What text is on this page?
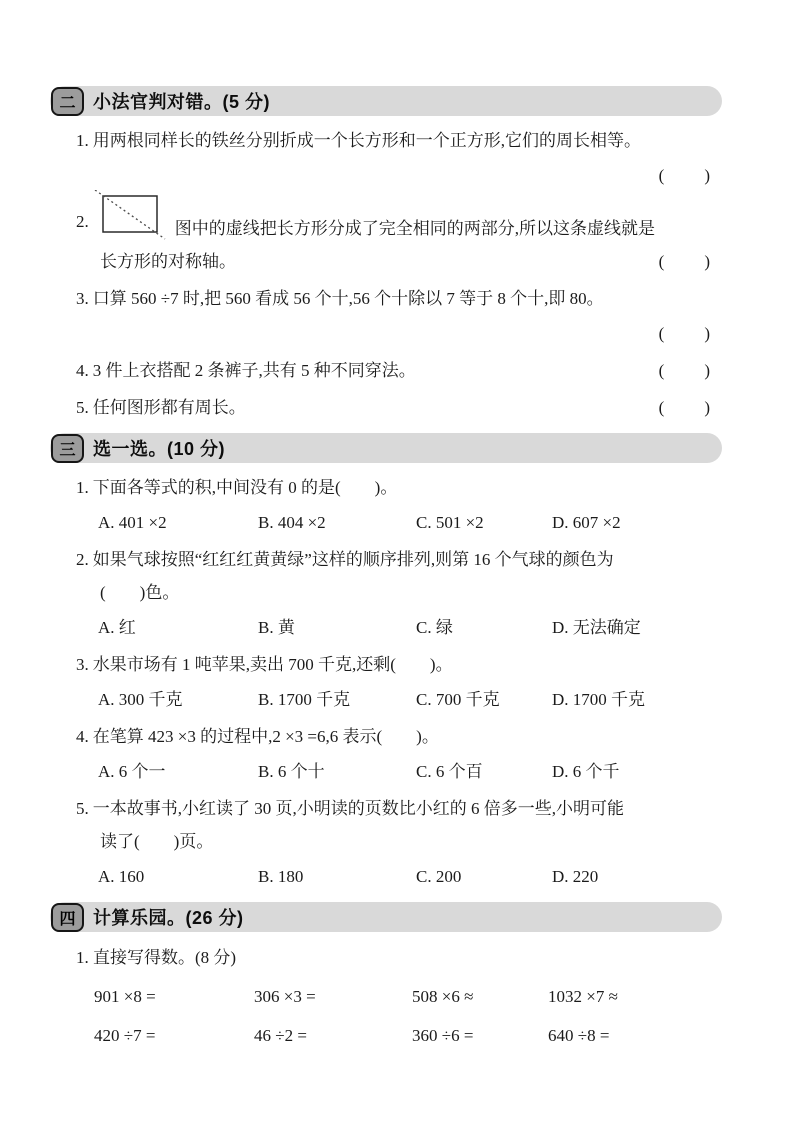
二 小法官判对错。(5 分)
1. 用两根同样长的铁丝分别折成一个长方形和一个正方形,它们的周长相等。
(　　)
2.	图中的虚线把长方形分成了完全相同的两部分,所以这条虚线就是
长方形的对称轴。	(　　)
3. 口算 560 ÷7 时,把 560 看成 56 个十,56 个十除以 7 等于 8 个十,即 80。
(　　)
4. 3 件上衣搭配 2 条裤子,共有 5 种不同穿法。	(　　)
5. 任何图形都有周长。	(　　)
三 选一选。(10 分)
1. 下面各等式的积,中间没有 0 的是(　　)。
A. 401 ×2	B. 404 ×2	C. 501 ×2	D. 607 ×2
2. 如果气球按照“红红红黄黄绿”这样的顺序排列,则第 16 个气球的颜色为
(　　)色。
A. 红	B. 黄	C. 绿	D. 无法确定
3. 水果市场有 1 吨苹果,卖出 700 千克,还剩(　　)。
A. 300 千克	B. 1700 千克	C. 700 千克	D. 1700 千克
4. 在笔算 423 ×3 的过程中,2 ×3 =6,6 表示(　　)。
A. 6 个一	B. 6 个十	C. 6 个百	D. 6 个千
5. 一本故事书,小红读了 30 页,小明读的页数比小红的 6 倍多一些,小明可能
读了(　　)页。
A. 160	B. 180	C. 200	D. 220
四 计算乐园。(26 分)
1. 直接写得数。(8 分)
901 ×8 =	306 ×3 =	508 ×6 ≈	1032 ×7 ≈
420 ÷7 =	46 ÷2 =	360 ÷6 =	640 ÷8 =
